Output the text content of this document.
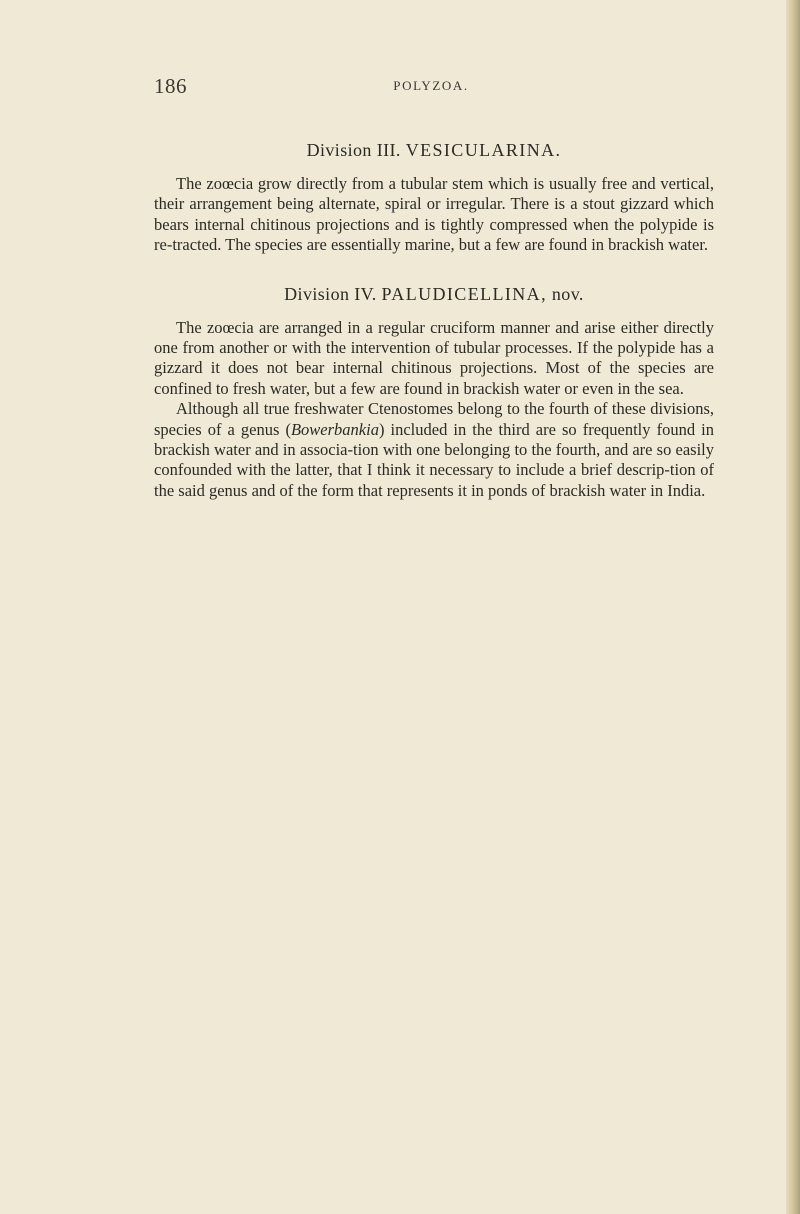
186	POLYZOA.
Division III. VESICULARINA.

The zoœcia grow directly from a tubular stem which is usually free and vertical, their arrangement being alternate, spiral or irregular. There is a stout gizzard which bears internal chitinous projections and is tightly compressed when the polypide is re-tracted. The species are essentially marine, but a few are found in brackish water.

Division IV. PALUDICELLINA, nov.

The zoœcia are arranged in a regular cruciform manner and arise either directly one from another or with the intervention of tubular processes. If the polypide has a gizzard it does not bear internal chitinous projections. Most of the species are confined to fresh water, but a few are found in brackish water or even in the sea.

Although all true freshwater Ctenostomes belong to the fourth of these divisions, species of a genus (Bowerbankia) included in the third are so frequently found in brackish water and in associa-tion with one belonging to the fourth, and are so easily confounded with the latter, that I think it necessary to include a brief descrip-tion of the said genus and of the form that represents it in ponds of brackish water in India.
